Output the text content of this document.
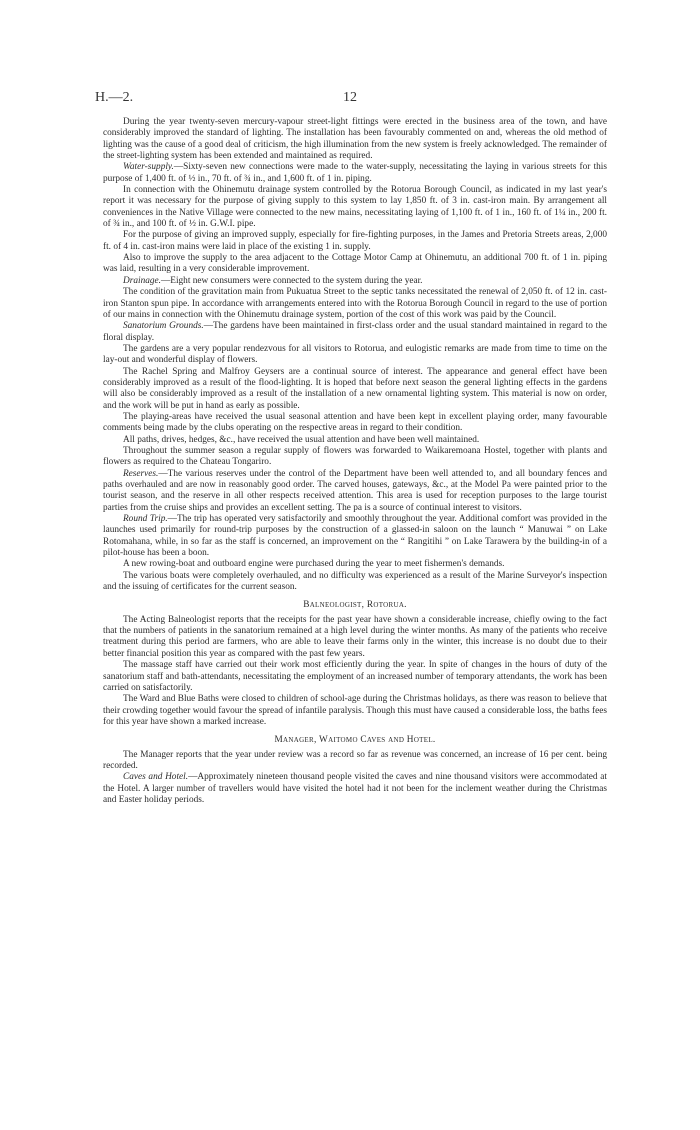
H.—2.	12

During the year twenty-seven mercury-vapour street-light fittings were erected in the business area of the town, and have considerably improved the standard of lighting. The installation has been favourably commented on and, whereas the old method of lighting was the cause of a good deal of criticism, the high illumination from the new system is freely acknowledged. The remainder of the street-lighting system has been extended and maintained as required.

Water-supply.—Sixty-seven new connections were made to the water-supply, necessitating the laying in various streets for this purpose of 1,400 ft. of ½ in., 70 ft. of ¾ in., and 1,600 ft. of 1 in. piping.

In connection with the Ohinemutu drainage system controlled by the Rotorua Borough Council, as indicated in my last year's report it was necessary for the purpose of giving supply to this system to lay 1,850 ft. of 3 in. cast-iron main. By arrangement all conveniences in the Native Village were connected to the new mains, necessitating laying of 1,100 ft. of 1 in., 160 ft. of 1¼ in., 200 ft. of ¾ in., and 100 ft. of ½ in. G.W.I. pipe.

For the purpose of giving an improved supply, especially for fire-fighting purposes, in the James and Pretoria Streets areas, 2,000 ft. of 4 in. cast-iron mains were laid in place of the existing 1 in. supply.

Also to improve the supply to the area adjacent to the Cottage Motor Camp at Ohinemutu, an additional 700 ft. of 1 in. piping was laid, resulting in a very considerable improvement.

Drainage.—Eight new consumers were connected to the system during the year.

The condition of the gravitation main from Pukuatua Street to the septic tanks necessitated the renewal of 2,050 ft. of 12 in. cast-iron Stanton spun pipe. In accordance with arrangements entered into with the Rotorua Borough Council in regard to the use of portion of our mains in connection with the Ohinemutu drainage system, portion of the cost of this work was paid by the Council.

Sanatorium Grounds.—The gardens have been maintained in first-class order and the usual standard maintained in regard to the floral display.

The gardens are a very popular rendezvous for all visitors to Rotorua, and eulogistic remarks are made from time to time on the lay-out and wonderful display of flowers.

The Rachel Spring and Malfroy Geysers are a continual source of interest. The appearance and general effect have been considerably improved as a result of the flood-lighting. It is hoped that before next season the general lighting effects in the gardens will also be considerably improved as a result of the installation of a new ornamental lighting system. This material is now on order, and the work will be put in hand as early as possible.

The playing-areas have received the usual seasonal attention and have been kept in excellent playing order, many favourable comments being made by the clubs operating on the respective areas in regard to their condition.

All paths, drives, hedges, &c., have received the usual attention and have been well maintained.

Throughout the summer season a regular supply of flowers was forwarded to Waikaremoana Hostel, together with plants and flowers as required to the Chateau Tongariro.

Reserves.—The various reserves under the control of the Department have been well attended to, and all boundary fences and paths overhauled and are now in reasonably good order. The carved houses, gateways, &c., at the Model Pa were painted prior to the tourist season, and the reserve in all other respects received attention. This area is used for reception purposes to the large tourist parties from the cruise ships and provides an excellent setting. The pa is a source of continual interest to visitors.

Round Trip.—The trip has operated very satisfactorily and smoothly throughout the year. Additional comfort was provided in the launches used primarily for round-trip purposes by the construction of a glassed-in saloon on the launch “ Manuwai ” on Lake Rotomahana, while, in so far as the staff is concerned, an improvement on the “ Rangitihi ” on Lake Tarawera by the building-in of a pilot-house has been a boon.

A new rowing-boat and outboard engine were purchased during the year to meet fishermen's demands.

The various boats were completely overhauled, and no difficulty was experienced as a result of the Marine Surveyor's inspection and the issuing of certificates for the current season.

Balneologist, Rotorua.

The Acting Balneologist reports that the receipts for the past year have shown a considerable increase, chiefly owing to the fact that the numbers of patients in the sanatorium remained at a high level during the winter months. As many of the patients who receive treatment during this period are farmers, who are able to leave their farms only in the winter, this increase is no doubt due to their better financial position this year as compared with the past few years.

The massage staff have carried out their work most efficiently during the year. In spite of changes in the hours of duty of the sanatorium staff and bath-attendants, necessitating the employment of an increased number of temporary attendants, the work has been carried on satisfactorily.

The Ward and Blue Baths were closed to children of school-age during the Christmas holidays, as there was reason to believe that their crowding together would favour the spread of infantile paralysis. Though this must have caused a considerable loss, the baths fees for this year have shown a marked increase.

Manager, Waitomo Caves and Hotel.

The Manager reports that the year under review was a record so far as revenue was concerned, an increase of 16 per cent. being recorded.

Caves and Hotel.—Approximately nineteen thousand people visited the caves and nine thousand visitors were accommodated at the Hotel. A larger number of travellers would have visited the hotel had it not been for the inclement weather during the Christmas and Easter holiday periods.
